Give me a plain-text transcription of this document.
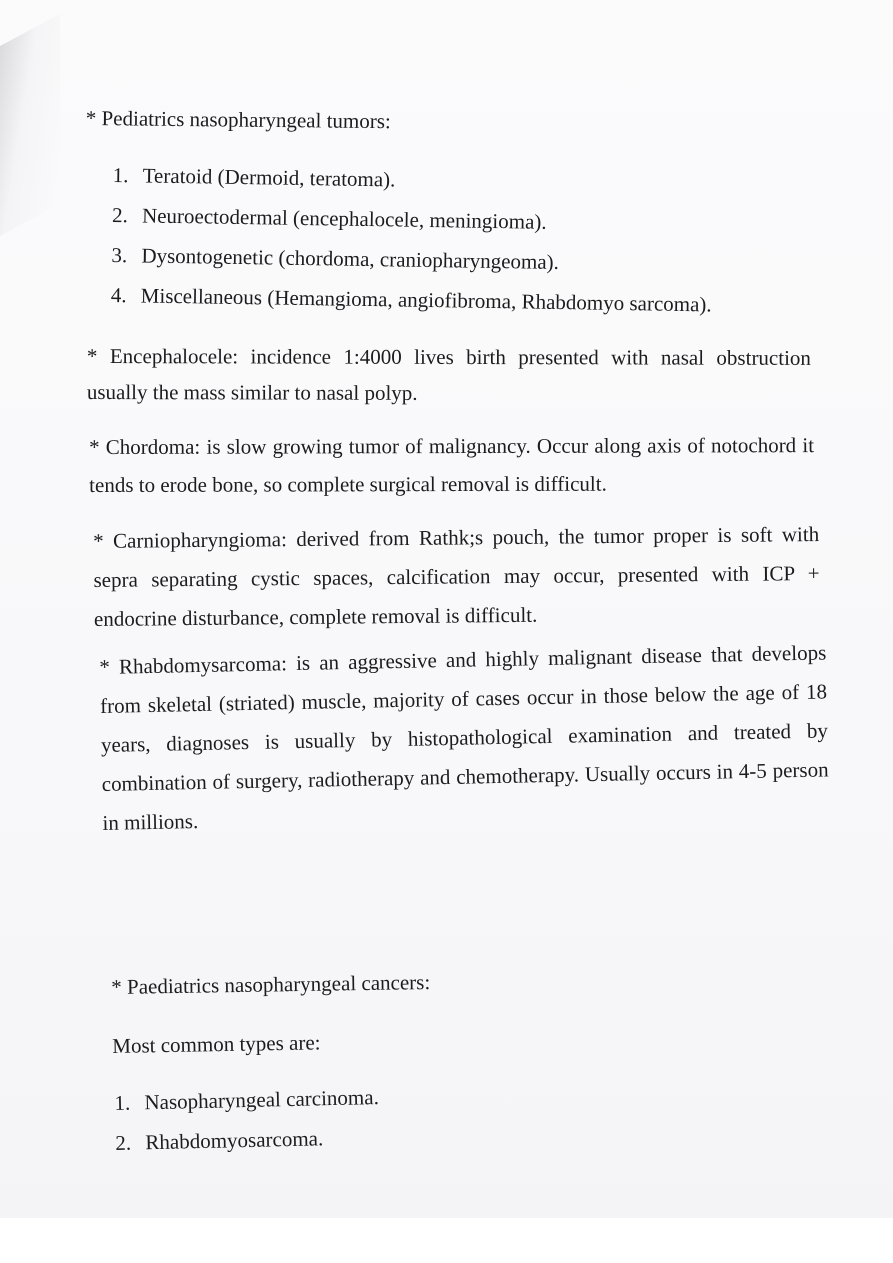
* Pediatrics nasopharyngeal tumors:
1. Teratoid (Dermoid, teratoma).
2. Neuroectodermal (encephalocele, meningioma).
3. Dysontogenetic (chordoma, craniopharyngeoma).
4. Miscellaneous (Hemangioma, angiofibroma, Rhabdomyo sarcoma).

* Encephalocele: incidence 1:4000 lives birth presented with nasal obstruction usually the mass similar to nasal polyp.

* Chordoma: is slow growing tumor of malignancy. Occur along axis of notochord it tends to erode bone, so complete surgical removal is difficult.

* Carniopharyngioma: derived from Rathk;s pouch, the tumor proper is soft with sepra separating cystic spaces, calcification may occur, presented with ICP + endocrine disturbance, complete removal is difficult.

* Rhabdomysarcoma: is an aggressive and highly malignant disease that develops from skeletal (striated) muscle, majority of cases occur in those below the age of 18 years, diagnoses is usually by histopathological examination and treated by combination of surgery, radiotherapy and chemotherapy. Usually occurs in 4-5 person in millions.

* Paediatrics nasopharyngeal cancers:
Most common types are:
1. Nasopharyngeal carcinoma.
2. Rhabdomyosarcoma.
